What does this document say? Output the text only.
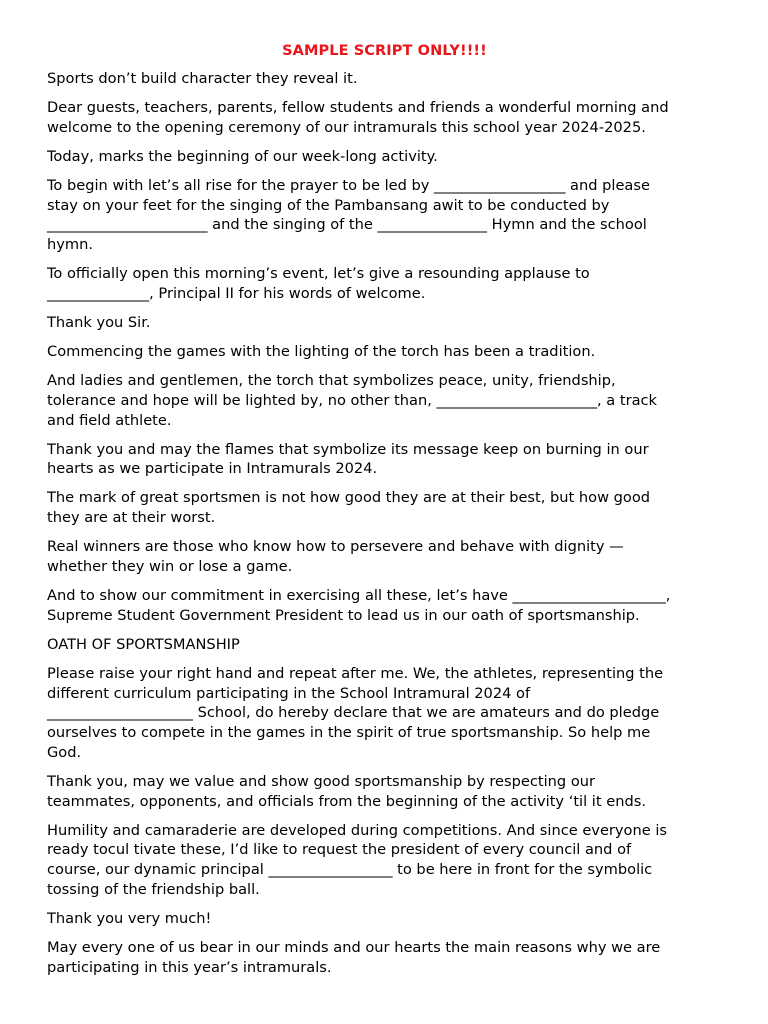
SAMPLE SCRIPT ONLY!!!!

Sports don’t build character they reveal it.

Dear guests, teachers, parents, fellow students and friends a wonderful morning and
welcome to the opening ceremony of our intramurals this school year 2024-2025.

Today, marks the beginning of our week-long activity.

To begin with let’s all rise for the prayer to be led by __________________ and please
stay on your feet for the singing of the Pambansang awit to be conducted by
______________________ and the singing of the _______________ Hymn and the school
hymn.

To officially open this morning’s event, let’s give a resounding applause to
______________, Principal II for his words of welcome.

Thank you Sir.

Commencing the games with the lighting of the torch has been a tradition.

And ladies and gentlemen, the torch that symbolizes peace, unity, friendship,
tolerance and hope will be lighted by, no other than, ______________________, a track
and field athlete.

Thank you and may the flames that symbolize its message keep on burning in our
hearts as we participate in Intramurals 2024.

The mark of great sportsmen is not how good they are at their best, but how good
they are at their worst.

Real winners are those who know how to persevere and behave with dignity —
whether they win or lose a game.

And to show our commitment in exercising all these, let’s have _____________________,
Supreme Student Government President to lead us in our oath of sportsmanship.

OATH OF SPORTSMANSHIP

Please raise your right hand and repeat after me. We, the athletes, representing the
different curriculum participating in the School Intramural 2024 of
____________________ School, do hereby declare that we are amateurs and do pledge
ourselves to compete in the games in the spirit of true sportsmanship. So help me
God.

Thank you, may we value and show good sportsmanship by respecting our
teammates, opponents, and officials from the beginning of the activity ‘til it ends.

Humility and camaraderie are developed during competitions. And since everyone is
ready tocul tivate these, I’d like to request the president of every council and of
course, our dynamic principal _________________ to be here in front for the symbolic
tossing of the friendship ball.

Thank you very much!

May every one of us bear in our minds and our hearts the main reasons why we are
participating in this year’s intramurals.
